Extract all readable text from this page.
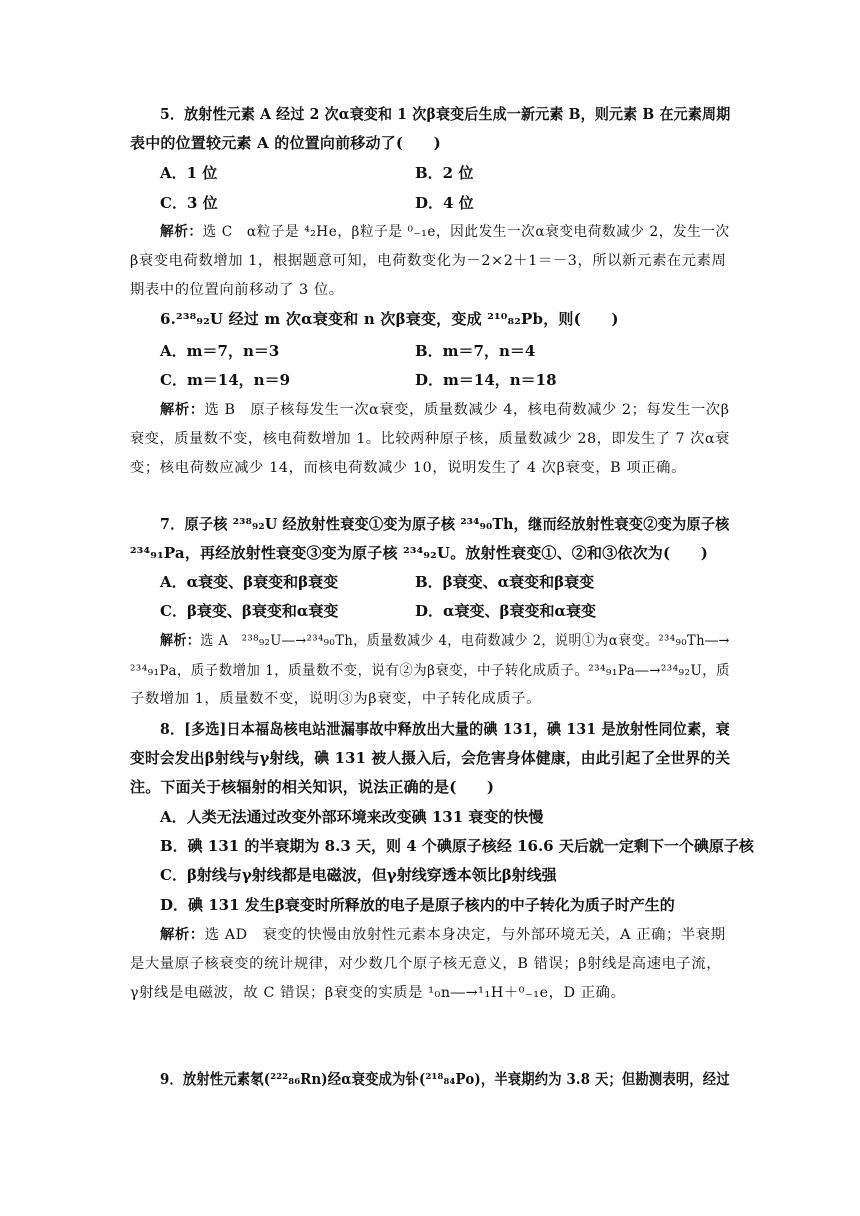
5．放射性元素 A 经过 2 次α衰变和 1 次β衰变后生成一新元素 B，则元素 B 在元素周期
表中的位置较元素 A 的位置向前移动了(　　)
A．1 位	B．2 位
C．3 位	D．4 位
解析：选 C　α粒子是 ⁴₂He，β粒子是 ⁰₋₁e，因此发生一次α衰变电荷数减少 2，发生一次
β衰变电荷数增加 1，根据题意可知，电荷数变化为－2×2＋1＝－3，所以新元素在元素周
期表中的位置向前移动了 3 位。
6.²³⁸₉₂U 经过 m 次α衰变和 n 次β衰变，变成 ²¹⁰₈₂Pb，则(　　)
A．m＝7，n＝3	B．m＝7，n＝4
C．m＝14，n＝9	D．m＝14，n＝18
解析：选 B　原子核每发生一次α衰变，质量数减少 4，核电荷数减少 2；每发生一次β
衰变，质量数不变，核电荷数增加 1。比较两种原子核，质量数减少 28，即发生了 7 次α衰
变；核电荷数应减少 14，而核电荷数减少 10，说明发生了 4 次β衰变，B 项正确。
7．原子核 ²³⁸₉₂U 经放射性衰变①变为原子核 ²³⁴₉₀Th，继而经放射性衰变②变为原子核
²³⁴₉₁Pa，再经放射性衰变③变为原子核 ²³⁴₉₂U。放射性衰变①、②和③依次为(　　)
A．α衰变、β衰变和β衰变	B．β衰变、α衰变和β衰变
C．β衰变、β衰变和α衰变	D．α衰变、β衰变和α衰变
解析：选 A　²³⁸₉₂U―→²³⁴₉₀Th，质量数减少 4，电荷数减少 2，说明①为α衰变。²³⁴₉₀Th―→
²³⁴₉₁Pa，质子数增加 1，质量数不变，说有②为β衰变，中子转化成质子。²³⁴₉₁Pa―→²³⁴₉₂U，质
子数增加 1，质量数不变，说明③为β衰变，中子转化成质子。
8．[多选]日本福岛核电站泄漏事故中释放出大量的碘 131，碘 131 是放射性同位素，衰
变时会发出β射线与γ射线，碘 131 被人摄入后，会危害身体健康，由此引起了全世界的关
注。下面关于核辐射的相关知识，说法正确的是(　　)
A．人类无法通过改变外部环境来改变碘 131 衰变的快慢
B．碘 131 的半衰期为 8.3 天，则 4 个碘原子核经 16.6 天后就一定剩下一个碘原子核
C．β射线与γ射线都是电磁波，但γ射线穿透本领比β射线强
D．碘 131 发生β衰变时所释放的电子是原子核内的中子转化为质子时产生的
解析：选 AD　衰变的快慢由放射性元素本身决定，与外部环境无关，A 正确；半衰期
是大量原子核衰变的统计规律，对少数几个原子核无意义，B 错误；β射线是高速电子流，
γ射线是电磁波，故 C 错误；β衰变的实质是 ¹₀n―→¹₁H＋⁰₋₁e，D 正确。
9．放射性元素氡(²²²₈₆Rn)经α衰变成为钋(²¹⁸₈₄Po)，半衰期约为 3.8 天；但勘测表明，经过
